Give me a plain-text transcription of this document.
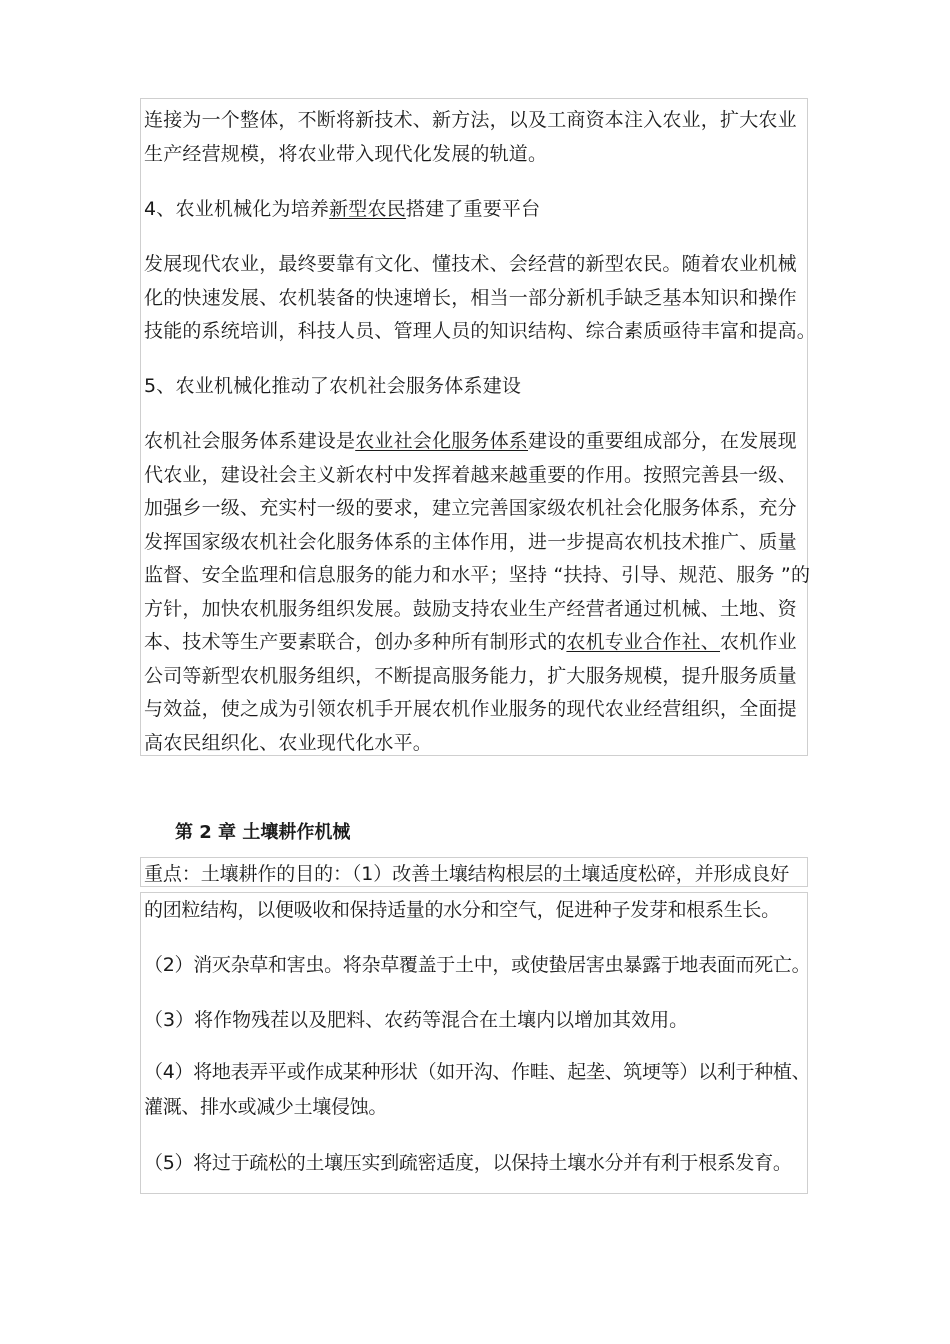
连接为一个整体，不断将新技术、新方法，以及工商资本注入农业，扩大农业
生产经营规模，将农业带入现代化发展的轨道。
4、农业机械化为培养新型农民搭建了重要平台
发展现代农业，最终要靠有文化、懂技术、会经营的新型农民。随着农业机械
化的快速发展、农机装备的快速增长，相当一部分新机手缺乏基本知识和操作
技能的系统培训，科技人员、管理人员的知识结构、综合素质亟待丰富和提高。
5、农业机械化推动了农机社会服务体系建设
农机社会服务体系建设是农业社会化服务体系建设的重要组成部分，在发展现
代农业，建设社会主义新农村中发挥着越来越重要的作用。按照完善县一级、
加强乡一级、充实村一级的要求，建立完善国家级农机社会化服务体系，充分
发挥国家级农机社会化服务体系的主体作用，进一步提高农机技术推广、质量
监督、安全监理和信息服务的能力和水平；坚持 “扶持、引导、规范、服务 ”的
方针，加快农机服务组织发展。鼓励支持农业生产经营者通过机械、土地、资
本、技术等生产要素联合，创办多种所有制形式的农机专业合作社、农机作业
公司等新型农机服务组织，不断提高服务能力，扩大服务规模，提升服务质量
与效益，使之成为引领农机手开展农机作业服务的现代农业经营组织，全面提
高农民组织化、农业现代化水平。
第 2 章 土壤耕作机械
重点：土壤耕作的目的：（1）改善土壤结构根层的土壤适度松碎，并形成良好
的团粒结构，以便吸收和保持适量的水分和空气，促进种子发芽和根系生长。
（2）消灭杂草和害虫。将杂草覆盖于土中，或使蛰居害虫暴露于地表面而死亡。
（3）将作物残茬以及肥料、农药等混合在土壤内以增加其效用。
（4）将地表弄平或作成某种形状（如开沟、作畦、起垄、筑埂等）以利于种植、
灌溉、排水或减少土壤侵蚀。
（5）将过于疏松的土壤压实到疏密适度，以保持土壤水分并有利于根系发育。
